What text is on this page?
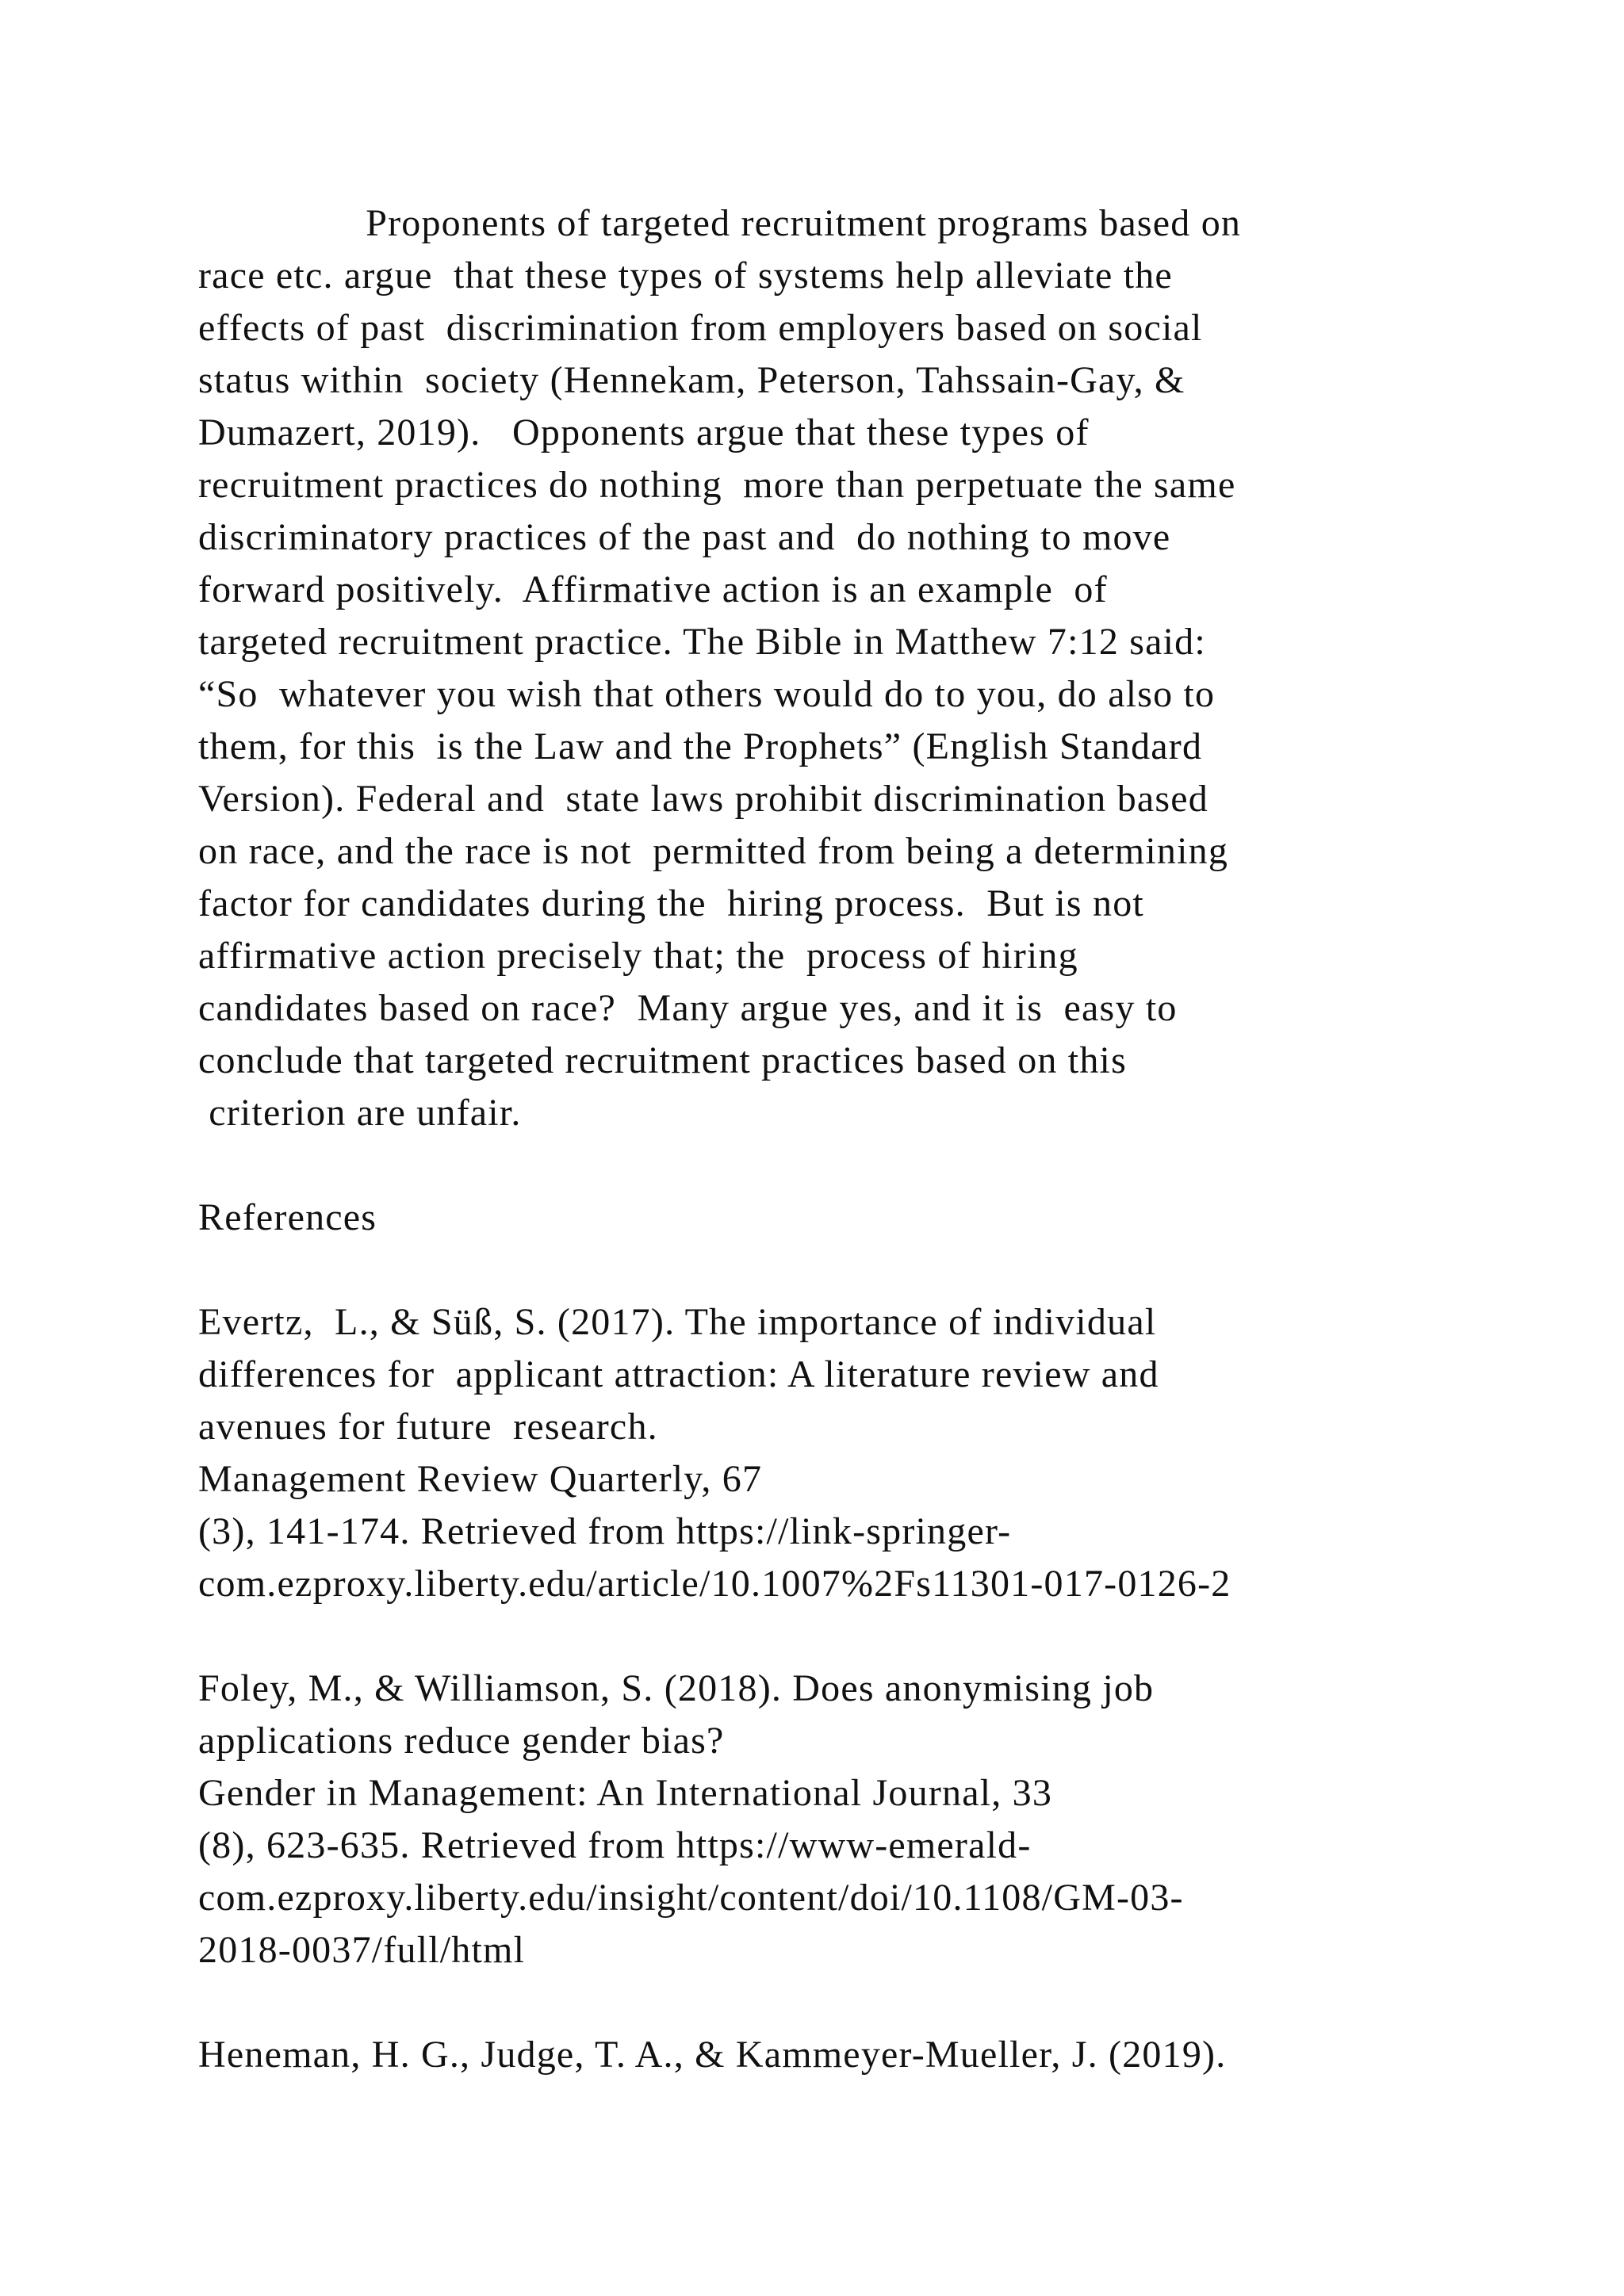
Proponents of targeted recruitment programs based on
race etc. argue  that these types of systems help alleviate the
effects of past  discrimination from employers based on social
status within  society (Hennekam, Peterson, Tahssain-Gay, &
Dumazert, 2019).   Opponents argue that these types of
recruitment practices do nothing  more than perpetuate the same
discriminatory practices of the past and  do nothing to move
forward positively.  Affirmative action is an example  of
targeted recruitment practice. The Bible in Matthew 7:12 said:
“So  whatever you wish that others would do to you, do also to
them, for this  is the Law and the Prophets” (English Standard
Version). Federal and  state laws prohibit discrimination based
on race, and the race is not  permitted from being a determining
factor for candidates during the  hiring process.  But is not
affirmative action precisely that; the  process of hiring
candidates based on race?  Many argue yes, and it is  easy to
conclude that targeted recruitment practices based on this
criterion are unfair.
References
Evertz,  L., & Süß, S. (2017). The importance of individual
differences for  applicant attraction: A literature review and
avenues for future  research.
Management Review Quarterly, 67
(3), 141-174. Retrieved from https://link-springer-
com.ezproxy.liberty.edu/article/10.1007%2Fs11301-017-0126-2
Foley, M., & Williamson, S. (2018). Does anonymising job
applications reduce gender bias?
Gender in Management: An International Journal, 33
(8), 623-635. Retrieved from https://www-emerald-
com.ezproxy.liberty.edu/insight/content/doi/10.1108/GM-03-
2018-0037/full/html
Heneman, H. G., Judge, T. A., & Kammeyer-Mueller, J. (2019).
